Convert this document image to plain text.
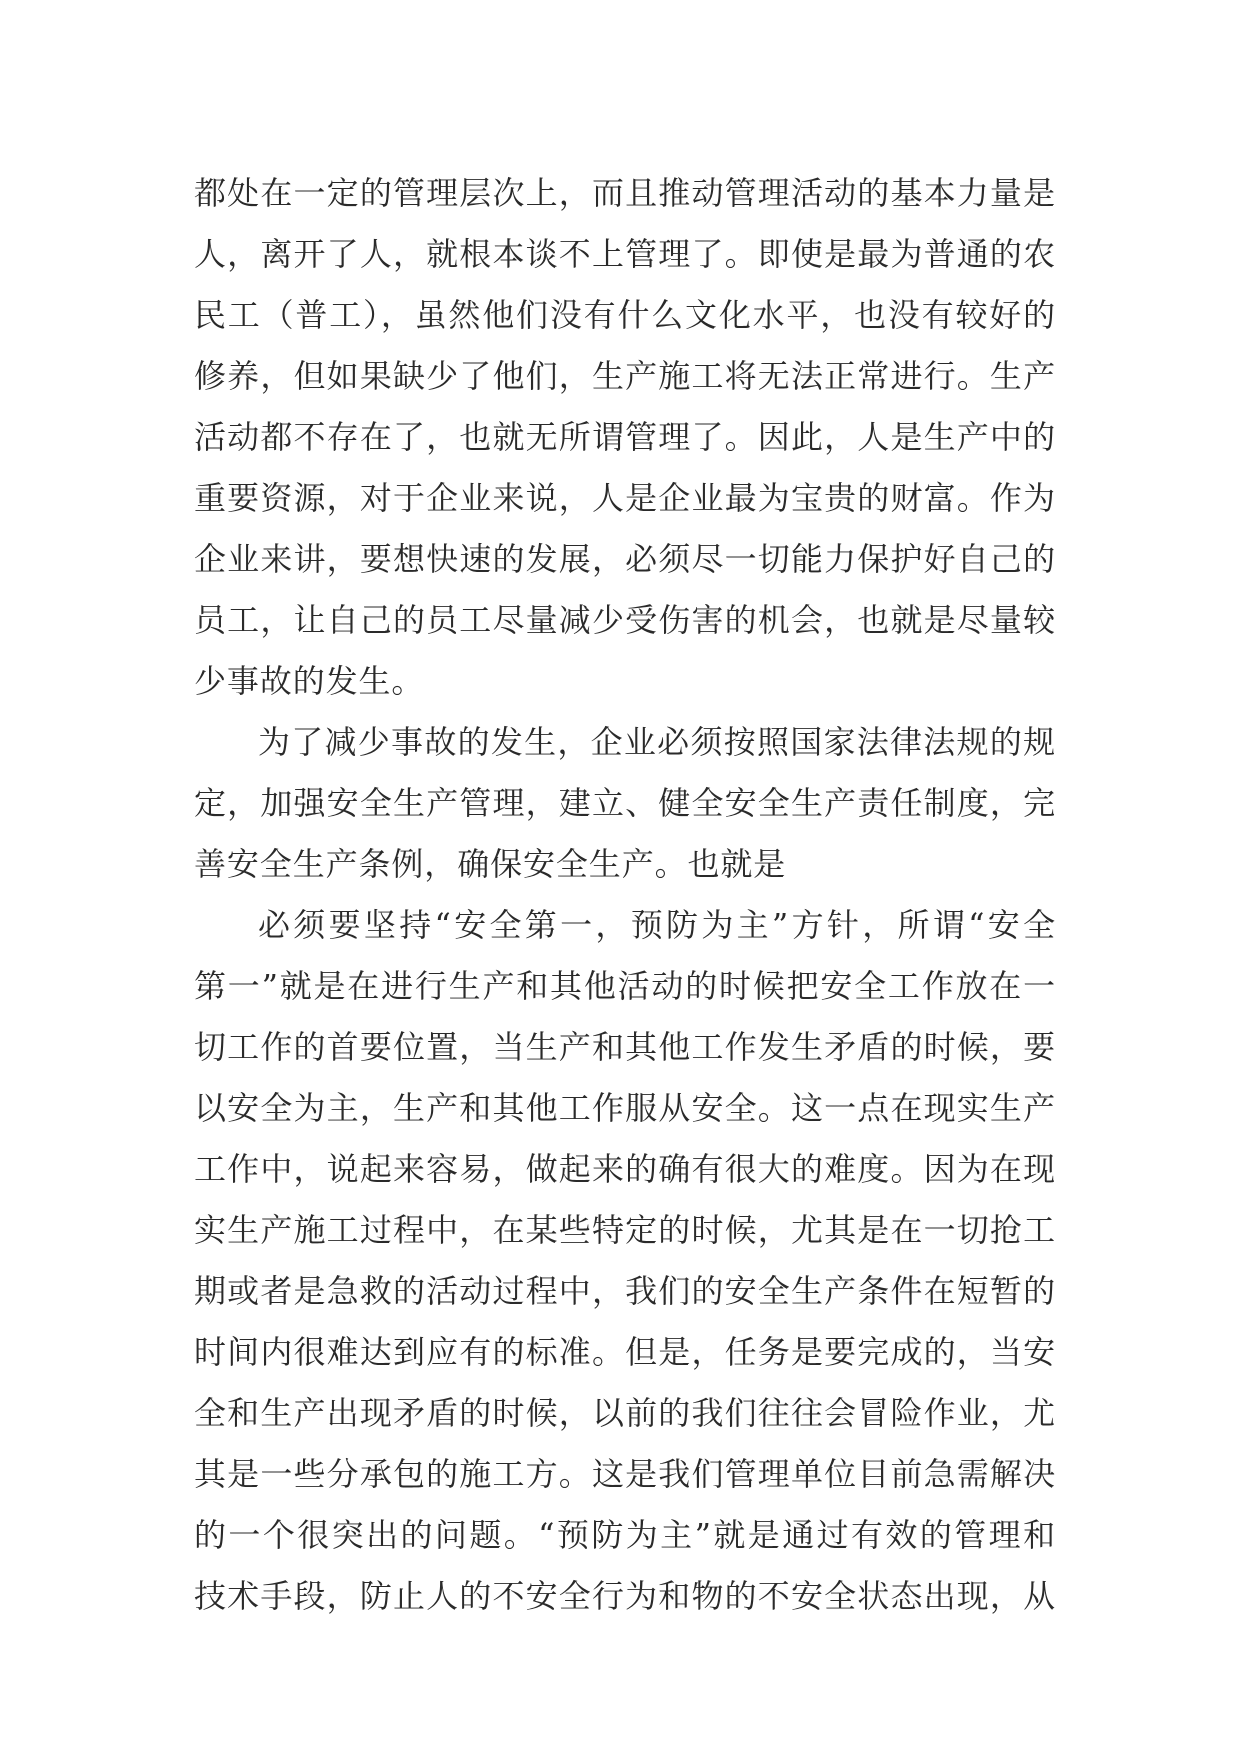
都处在一定的管理层次上，而且推动管理活动的基本力量是
人，离开了人，就根本谈不上管理了。即使是最为普通的农
民工（普工），虽然他们没有什么文化水平，也没有较好的
修养，但如果缺少了他们，生产施工将无法正常进行。生产
活动都不存在了，也就无所谓管理了。因此，人是生产中的
重要资源，对于企业来说，人是企业最为宝贵的财富。作为
企业来讲，要想快速的发展，必须尽一切能力保护好自己的
员工，让自己的员工尽量减少受伤害的机会，也就是尽量较
少事故的发生。
为了减少事故的发生，企业必须按照国家法律法规的规
定，加强安全生产管理，建立、健全安全生产责任制度，完
善安全生产条例，确保安全生产。也就是
必须要坚持“安全第一，预防为主”方针，所谓“安全
第一”就是在进行生产和其他活动的时候把安全工作放在一
切工作的首要位置，当生产和其他工作发生矛盾的时候，要
以安全为主，生产和其他工作服从安全。这一点在现实生产
工作中，说起来容易，做起来的确有很大的难度。因为在现
实生产施工过程中，在某些特定的时候，尤其是在一切抢工
期或者是急救的活动过程中，我们的安全生产条件在短暂的
时间内很难达到应有的标准。但是，任务是要完成的，当安
全和生产出现矛盾的时候，以前的我们往往会冒险作业，尤
其是一些分承包的施工方。这是我们管理单位目前急需解决
的一个很突出的问题。“预防为主”就是通过有效的管理和
技术手段，防止人的不安全行为和物的不安全状态出现，从
